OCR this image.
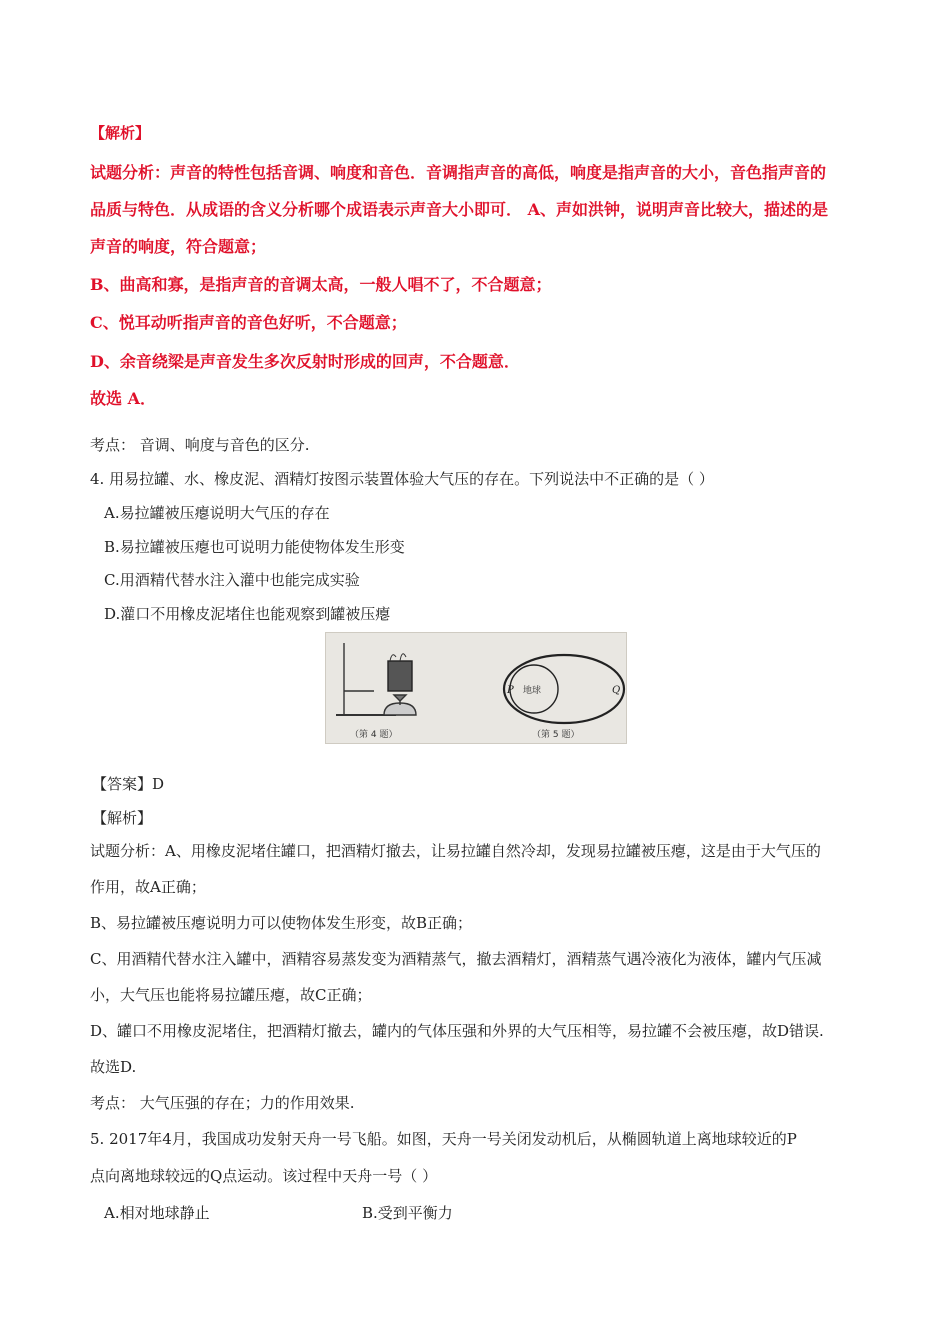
【解析】
试题分析：声音的特性包括音调、响度和音色．音调指声音的高低，响度是指声音的大小，音色指声音的
品质与特色．从成语的含义分析哪个成语表示声音大小即可． A、声如洪钟，说明声音比较大，描述的是
声音的响度，符合题意；
B、曲高和寡，是指声音的音调太高，一般人唱不了，不合题意；
C、悦耳动听指声音的音色好听，不合题意；
D、余音绕梁是声音发生多次反射时形成的回声，不合题意．
故选 A．
考点： 音调、响度与音色的区分.
4. 用易拉罐、水、橡皮泥、酒精灯按图示装置体验大气压的存在。下列说法中不正确的是（ ）
A.易拉罐被压瘪说明大气压的存在
B.易拉罐被压瘪也可说明力能使物体发生形变
C.用酒精代替水注入灌中也能完成实验
D.灌口不用橡皮泥堵住也能观察到罐被压瘪
（第 4 题）
P	Q
地球
（第 5 题）
【答案】D
【解析】
试题分析：A、用橡皮泥堵住罐口，把酒精灯撤去，让易拉罐自然冷却，发现易拉罐被压瘪，这是由于大气压的
作用，故A正确；
B、易拉罐被压瘪说明力可以使物体发生形变，故B正确；
C、用酒精代替水注入罐中，酒精容易蒸发变为酒精蒸气，撤去酒精灯，酒精蒸气遇冷液化为液体，罐内气压减
小，大气压也能将易拉罐压瘪，故C正确；
D、罐口不用橡皮泥堵住，把酒精灯撤去，罐内的气体压强和外界的大气压相等，易拉罐不会被压瘪，故D错误.
故选D.
考点： 大气压强的存在；力的作用效果.
5. 2017年4月，我国成功发射天舟一号飞船。如图，天舟一号关闭发动机后，从椭圆轨道上离地球较近的P
点向离地球较远的Q点运动。该过程中天舟一号（ ）
A.相对地球静止	B.受到平衡力
